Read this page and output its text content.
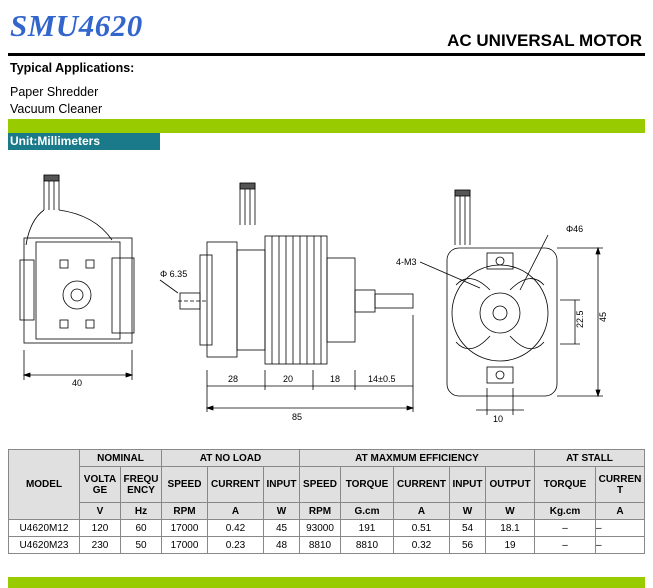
SMU4620	AC UNIVERSAL MOTOR
Typical Applications:
Paper Shredder
Vacuum Cleaner
Unit:Millimeters
40
Φ 6.35
28	20	18	14±0.5
85
4-M3
Φ46
22.5 45
10
MODEL	NOMINAL		AT NO LOAD			AT MAXMUM EFFICIENCY					AT STALL	
	VOLTA GE	FREQU ENCY	SPEED	CURRENT	INPUT	SPEED	TORQUE	CURRENT	INPUT	OUTPUT	TORQUE	CURREN T
	V	Hz	RPM	A	W	RPM	G.cm	A	W	W	Kg.cm	A
U4620M12	120	60	17000	0.42	45	93000	191	0.51	54	18.1	–	–
U4620M23	230	50	17000	0.23	48	8810	8810	0.32	56	19	–	–
